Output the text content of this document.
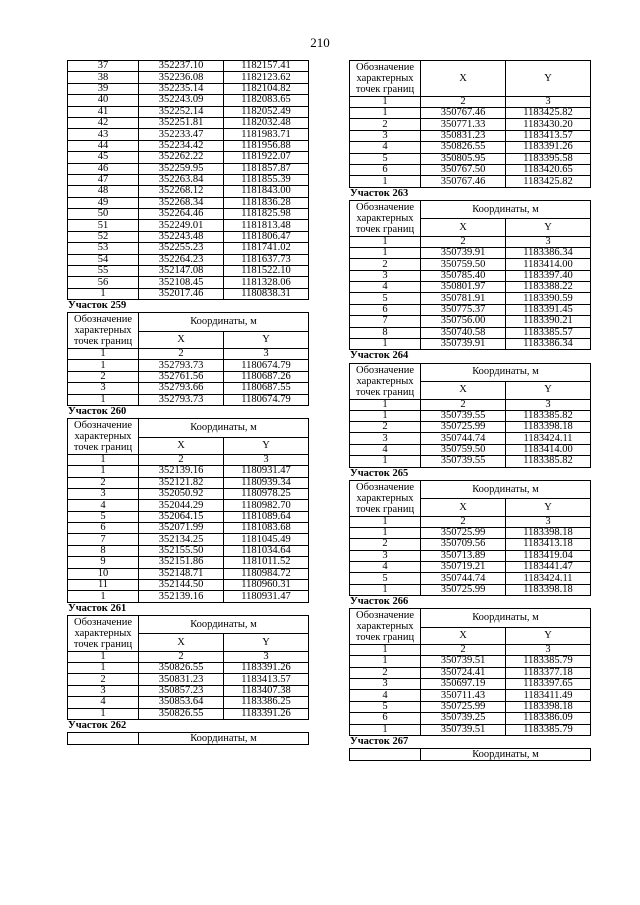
210
37	352237.10	1182157.41
38	352236.08	1182123.62
39	352235.14	1182104.82
40	352243.09	1182083.65
41	352252.14	1182052.49
42	352251.81	1182032.48
43	352233.47	1181983.71
44	352234.42	1181956.88
45	352262.22	1181922.07
46	352259.95	1181857.87
47	352263.84	1181855.39
48	352268.12	1181843.00
49	352268.34	1181836.28
50	352264.46	1181825.98
51	352249.01	1181813.48
52	352243.48	1181806.47
53	352255.23	1181741.02
54	352264.23	1181637.73
55	352147.08	1181522.10
56	352108.45	1181328.06
1	352017.46	1180838.31
Участок 259
Обозначение характерных точек границ	Координаты, м	
	X	Y
1	2	3
1	352793.73	1180674.79
2	352761.56	1180687.26
3	352793.66	1180687.55
1	352793.73	1180674.79
Участок 260
Обозначение характерных точек границ	Координаты, м	
	X	Y
1	2	3
1	352139.16	1180931.47
2	352121.82	1180939.34
3	352050.92	1180978.25
4	352044.29	1180982.70
5	352064.15	1181089.64
6	352071.99	1181083.68
7	352134.25	1181045.49
8	352155.50	1181034.64
9	352151.86	1181011.52
10	352148.71	1180984.72
11	352144.50	1180960.31
1	352139.16	1180931.47
Участок 261
Обозначение характерных точек границ	Координаты, м	
	X	Y
1	2	3
1	350826.55	1183391.26
2	350831.23	1183413.57
3	350857.23	1183407.38
4	350853.64	1183386.25
1	350826.55	1183391.26
Участок 262
	Координаты, м
Обозначение характерных точек границ	X	Y
1	2	3
1	350767.46	1183425.82
2	350771.33	1183430.20
3	350831.23	1183413.57
4	350826.55	1183391.26
5	350805.95	1183395.58
6	350767.50	1183420.65
1	350767.46	1183425.82
Участок 263
Обозначение характерных точек границ	Координаты, м	
	X	Y
1	2	3
1	350739.91	1183386.34
2	350759.50	1183414.00
3	350785.40	1183397.40
4	350801.97	1183388.22
5	350781.91	1183390.59
6	350775.37	1183391.45
7	350756.00	1183390.21
8	350740.58	1183385.57
1	350739.91	1183386.34
Участок 264
Обозначение характерных точек границ	Координаты, м	
	X	Y
1	2	3
1	350739.55	1183385.82
2	350725.99	1183398.18
3	350744.74	1183424.11
4	350759.50	1183414.00
1	350739.55	1183385.82
Участок 265
Обозначение характерных точек границ	Координаты, м	
	X	Y
1	2	3
1	350725.99	1183398.18
2	350709.56	1183413.18
3	350713.89	1183419.04
4	350719.21	1183441.47
5	350744.74	1183424.11
1	350725.99	1183398.18
Участок 266
Обозначение характерных точек границ	Координаты, м	
	X	Y
1	2	3
1	350739.51	1183385.79
2	350724.41	1183377.18
3	350697.19	1183397.65
4	350711.43	1183411.49
5	350725.99	1183398.18
6	350739.25	1183386.09
1	350739.51	1183385.79
Участок 267
	Координаты, м
